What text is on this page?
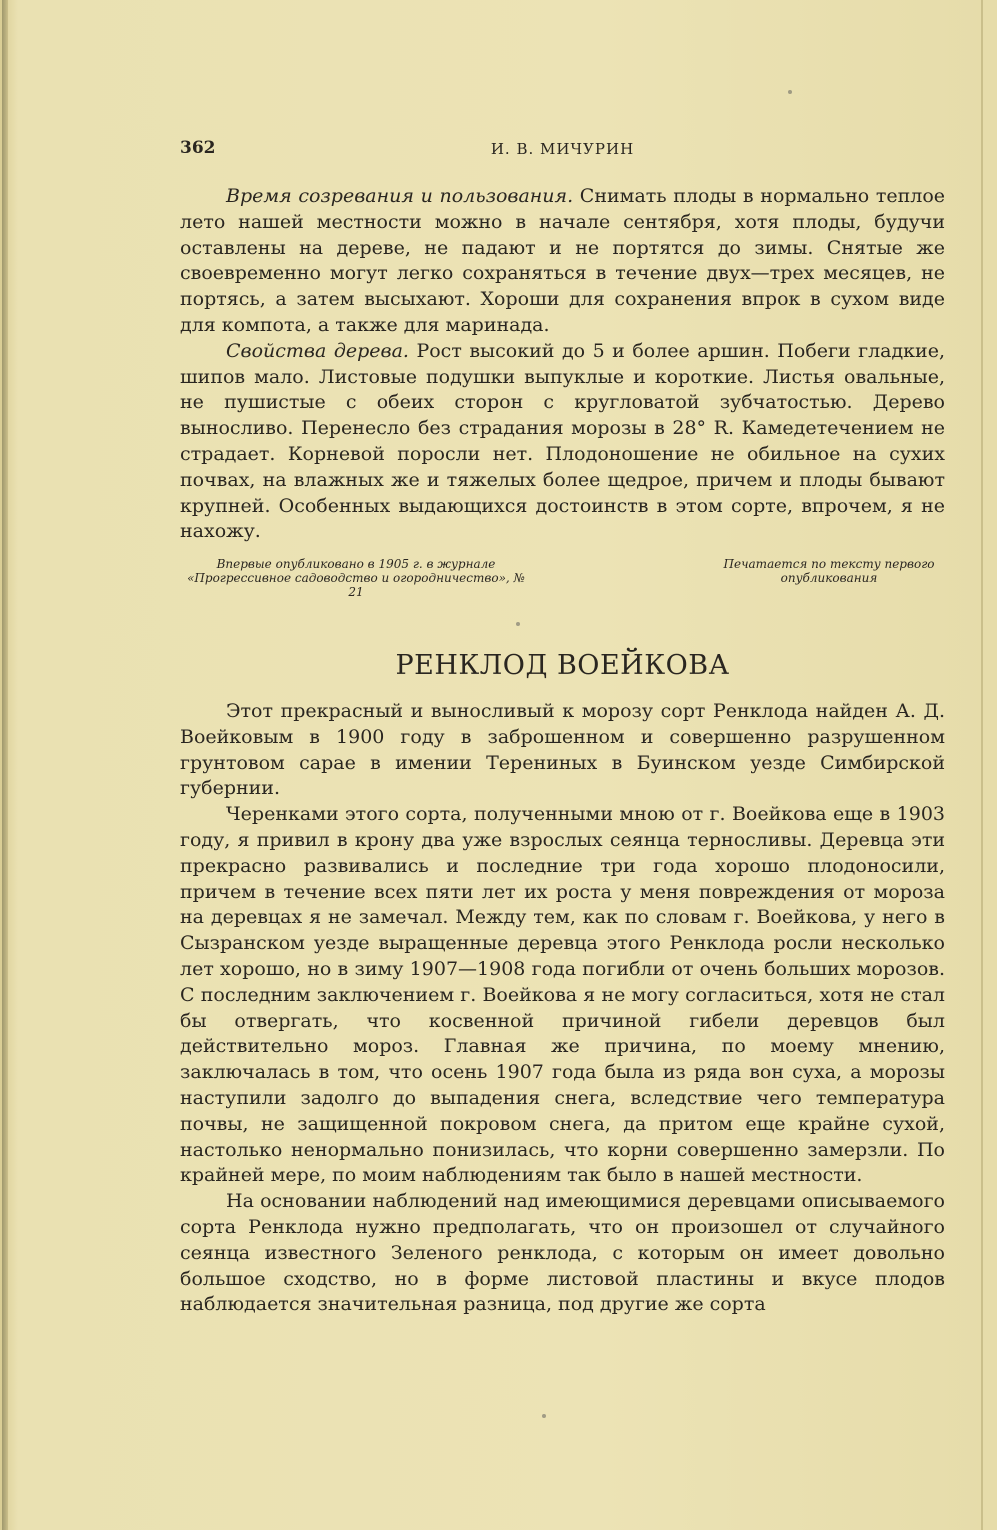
362	И. В. МИЧУРИН

Время созревания и пользования. Снимать плоды в нормально теплое лето нашей местности можно в начале сентября, хотя плоды, будучи оставлены на дереве, не падают и не портятся до зимы. Снятые же своевременно могут легко сохраняться в течение двух—трех месяцев, не портясь, а затем высыхают. Хороши для сохранения впрок в сухом виде для компота, а также для маринада.

Свойства дерева. Рост высокий до 5 и более аршин. Побеги гладкие, шипов мало. Листовые подушки выпуклые и короткие. Листья овальные, не пушистые с обеих сторон с кругловатой зубчатостью. Дерево выносливо. Перенесло без страдания морозы в 28° R. Камедетечением не страдает. Корневой поросли нет. Плодоношение не обильное на сухих почвах, на влажных же и тяжелых более щедрое, причем и плоды бывают крупней. Особенных выдающихся достоинств в этом сорте, впрочем, я не нахожу.

Впервые опубликовано в 1905 г. в журнале «Прогрессивное садоводство и огородничество», № 21
Печатается по тексту первого опубликования
РЕНКЛОД ВОЕЙКОВА

Этот прекрасный и выносливый к морозу сорт Ренклода найден А. Д. Воейковым в 1900 году в заброшенном и совершенно разрушенном грунтовом сарае в имении Терениных в Буинском уезде Симбирской губернии.

Черенками этого сорта, полученными мною от г. Воейкова еще в 1903 году, я привил в крону два уже взрослых сеянца терносливы. Деревца эти прекрасно развивались и последние три года хорошо плодоносили, причем в течение всех пяти лет их роста у меня повреждения от мороза на деревцах я не замечал. Между тем, как по словам г. Воейкова, у него в Сызранском уезде выращенные деревца этого Ренклода росли несколько лет хорошо, но в зиму 1907—1908 года погибли от очень больших морозов. С последним заключением г. Воейкова я не могу согласиться, хотя не стал бы отвергать, что косвенной причиной гибели деревцов был действительно мороз. Главная же причина, по моему мнению, заключалась в том, что осень 1907 года была из ряда вон суха, а морозы наступили задолго до выпадения снега, вследствие чего температура почвы, не защищенной покровом снега, да притом еще крайне сухой, настолько ненормально понизилась, что корни совершенно замерзли. По крайней мере, по моим наблюдениям так было в нашей местности.

На основании наблюдений над имеющимися деревцами описываемого сорта Ренклода нужно предполагать, что он произошел от случайного сеянца известного Зеленого ренклода, с которым он имеет довольно большое сходство, но в форме листовой пластины и вкусе плодов наблюдается значительная разница, под другие же сорта
